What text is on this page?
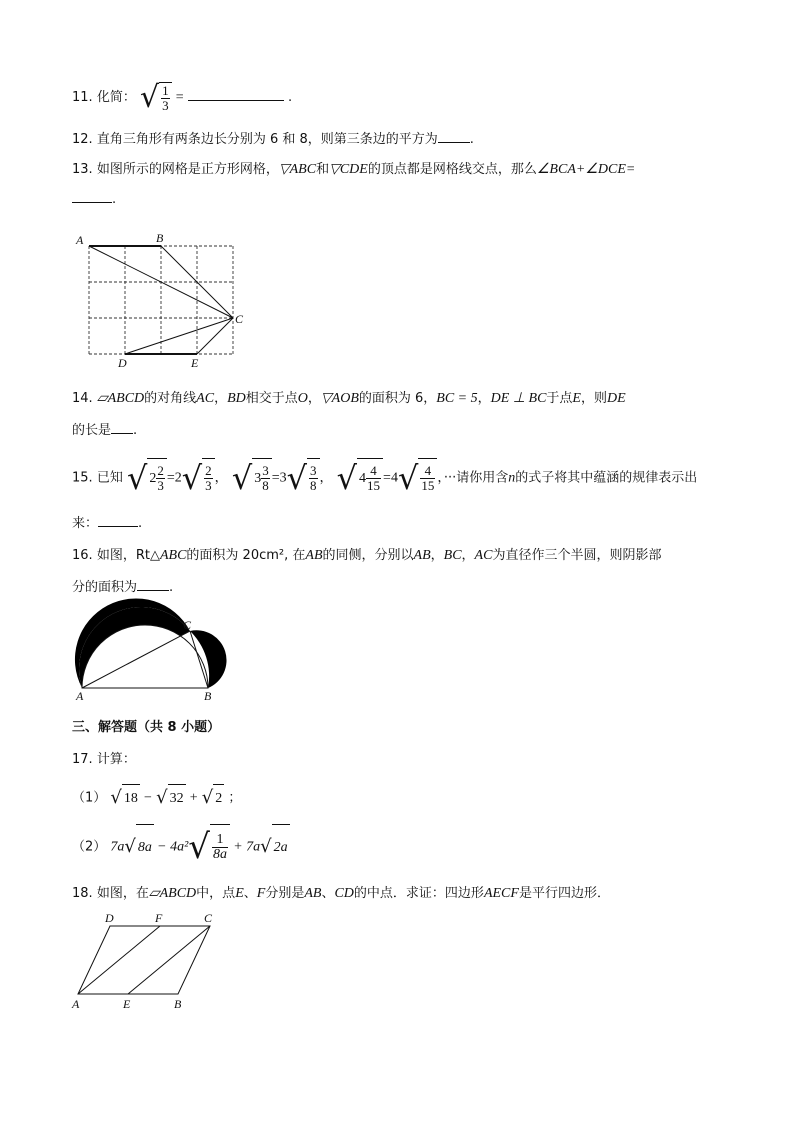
11. 化简： √ $\frac{1}{3}$ =	.
12. 直角三角形有两条边长分别为 6 和 8，则第三条边的平方为 .
13. 如图所示的网格是正方形网格，▽ABC和▽CDE的顶点都是网格线交点，那么∠BCA+∠DCE=
.
A	B
C
D	E
14. ▱ABCD的对角线AC，BD相交于点O，▽AOB的面积为 6，BC = 5，DE ⊥ BC于点E，则DE
的长是 .
15. 已知 √ $2 \frac{2}{3} =2√ \frac{2}{3}$ ， √ $3 \frac{3}{8} =3√ \frac{3}{8}$ ， √ $4 \frac{4}{15} =4√ \frac{4}{15}$ ，···请你用含n的式子将其中蕴涵的规律表示出
来：	.
16. 如图，Rt△ABC的面积为 20cm², 在AB的同侧，分别以AB，BC，AC为直径作三个半圆，则阴影部
分的面积为 .
A	B
C
三、解答题（共 8 小题）
17. 计算：
（1） √ 18 − √ 32 + √ 2 ；
（2） 7a√ $8a - 4a^2√ \frac{1}{8a} + 7a√$ 2a
18. 如图，在▱ABCD中，点E、F分别是AB、CD的中点．求证：四边形AECF是平行四边形．
D	F	C
A	E	B
